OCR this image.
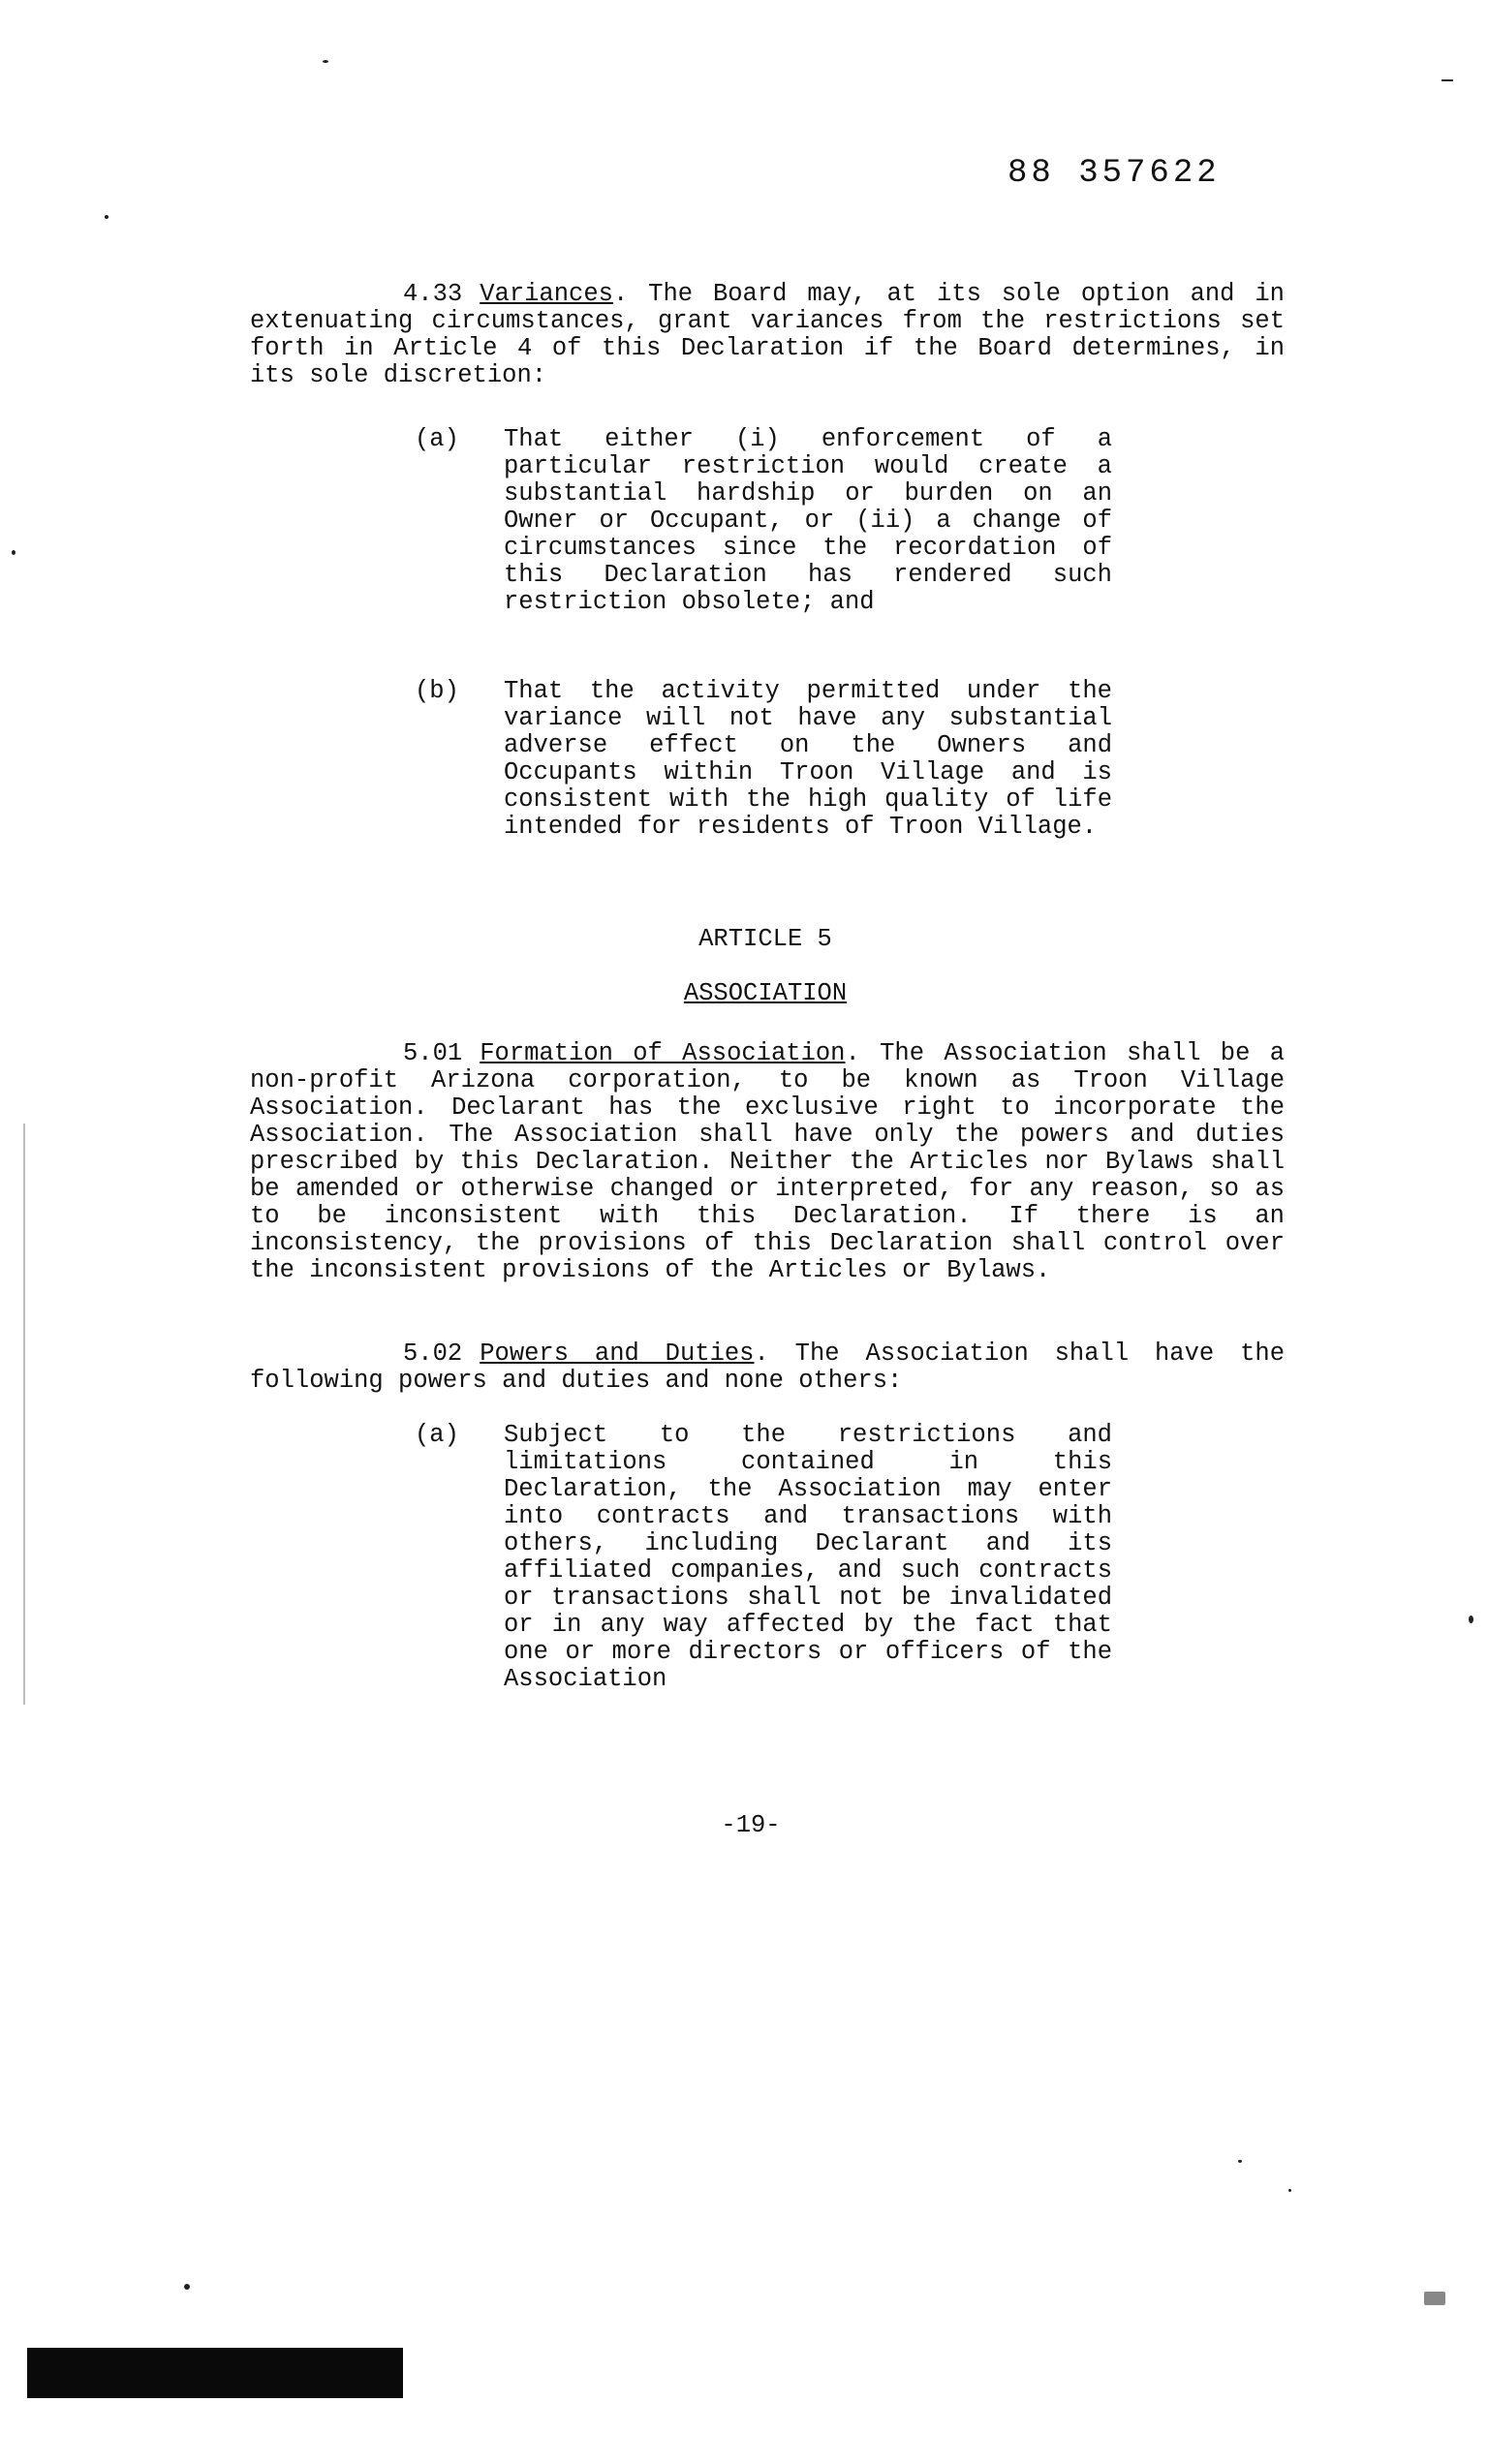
88 357622

4.33 Variances. The Board may, at its sole option and in extenuating circumstances, grant variances from the restrictions set forth in Article 4 of this Declaration if the Board determines, in its sole discretion:

(a) That either (i) enforcement of a particular restriction would create a substantial hardship or burden on an Owner or Occupant, or (ii) a change of circumstances since the recordation of this Declaration has rendered such restriction obsolete; and
(b) That the activity permitted under the variance will not have any substantial adverse effect on the Owners and Occupants within Troon Village and is consistent with the high quality of life intended for residents of Troon Village.

ARTICLE 5

ASSOCIATION

5.01 Formation of Association. The Association shall be a non-profit Arizona corporation, to be known as Troon Village Association. Declarant has the exclusive right to incorporate the Association. The Association shall have only the powers and duties prescribed by this Declaration. Neither the Articles nor Bylaws shall be amended or otherwise changed or interpreted, for any reason, so as to be inconsistent with this Declaration. If there is an inconsistency, the provisions of this Declaration shall control over the inconsistent provisions of the Articles or Bylaws.

5.02 Powers and Duties. The Association shall have the following powers and duties and none others:

(a) Subject to the restrictions and limitations contained in this Declaration, the Association may enter into contracts and transactions with others, including Declarant and its affiliated companies, and such contracts or transactions shall not be invalidated or in any way affected by the fact that one or more directors or officers of the Association
-19-
